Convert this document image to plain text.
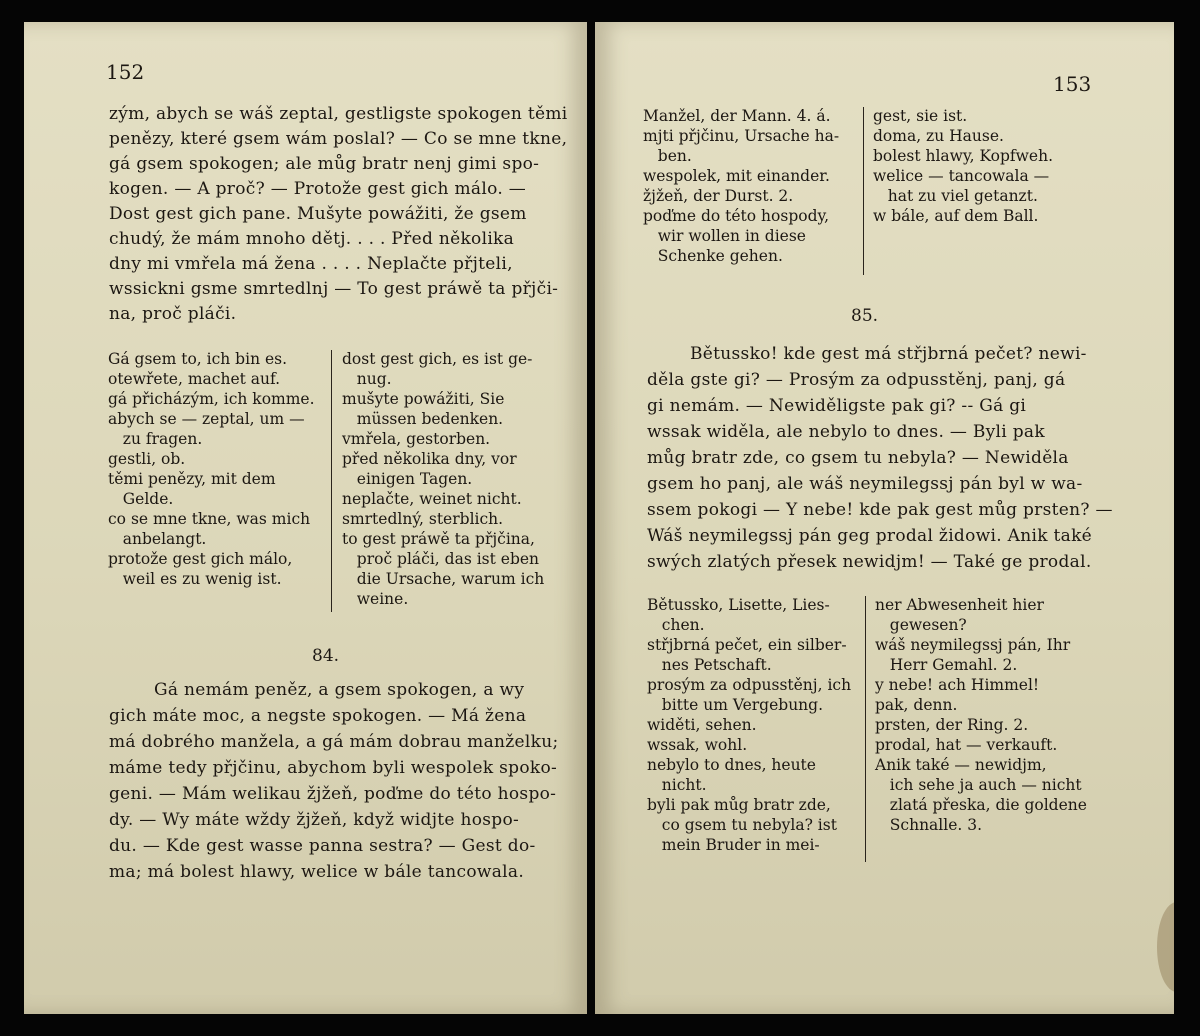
152
zým, abych se wáš zeptal, gestligste spokogen těmi
penězy, které gsem wám poslal? — Co se mne tkne,
gá gsem spokogen; ale můg bratr nenj gimi spo-
kogen. — A proč? — Protože gest gich málo. —
Dost gest gich pane. Mušyte powážiti, že gsem
chudý, že mám mnoho dětj. . . . Před několika
dny mi vmřela má žena . . . . Neplačte přjteli,
wssickni gsme smrtedlnj — To gest práwě ta přjči-
na, proč pláči.
Gá gsem to, ich bin es.
otewřete, machet auf.
gá přicházým, ich komme.
abych se — zeptal, um —
zu fragen.
gestli, ob.
těmi penězy, mit dem
Gelde.
co se mne tkne, was mich
anbelangt.
protože gest gich málo,
weil es zu wenig ist.
dost gest gich, es ist ge-
nug.
mušyte powážiti, Sie
müssen bedenken.
vmřela, gestorben.
před několika dny, vor
einigen Tagen.
neplačte, weinet nicht.
smrtedlný, sterblich.
to gest práwě ta přjčina,
proč pláči, das ist eben
die Ursache, warum ich
weine.
84.
Gá nemám peněz, a gsem spokogen, a wy
gich máte moc, a negste spokogen. — Má žena
má dobrého manžela, a gá mám dobrau manželku;
máme tedy přjčinu, abychom byli wespolek spoko-
geni. — Mám welikau žjžeň, poďme do této hospo-
dy. — Wy máte wždy žjžeň, když widjte hospo-
du. — Kde gest wasse panna sestra? — Gest do-
ma; má bolest hlawy, welice w bále tancowala.
153
Manžel, der Mann. 4. á.
mjti přjčinu, Ursache ha-
ben.
wespolek, mit einander.
žjžeň, der Durst. 2.
poďme do této hospody,
wir wollen in diese
Schenke gehen.
gest, sie ist.
doma, zu Hause.
bolest hlawy, Kopfweh.
welice — tancowala —
hat zu viel getanzt.
w bále, auf dem Ball.
85.
Bětussko! kde gest má střjbrná pečet? newi-
děla gste gi? — Prosým za odpusstěnj, panj, gá
gi nemám. — Newiděligste pak gi? -- Gá gi
wssak widěla, ale nebylo to dnes. — Byli pak
můg bratr zde, co gsem tu nebyla? — Newiděla
gsem ho panj, ale wáš neymilegssj pán byl w wa-
ssem pokogi — Y nebe! kde pak gest můg prsten? —
Wáš neymilegssj pán geg prodal židowi. Anik také
swých zlatých přesek newidjm! — Také ge prodal.
Bětussko, Lisette, Lies-
chen.
střjbrná pečet, ein silber-
nes Petschaft.
prosým za odpusstěnj, ich
bitte um Vergebung.
widěti, sehen.
wssak, wohl.
nebylo to dnes, heute
nicht.
byli pak můg bratr zde,
co gsem tu nebyla? ist
mein Bruder in mei-
ner Abwesenheit hier
gewesen?
wáš neymilegssj pán, Ihr
Herr Gemahl. 2.
y nebe! ach Himmel!
pak, denn.
prsten, der Ring. 2.
prodal, hat — verkauft.
Anik také — newidjm,
ich sehe ja auch — nicht
zlatá přeska, die goldene
Schnalle. 3.
